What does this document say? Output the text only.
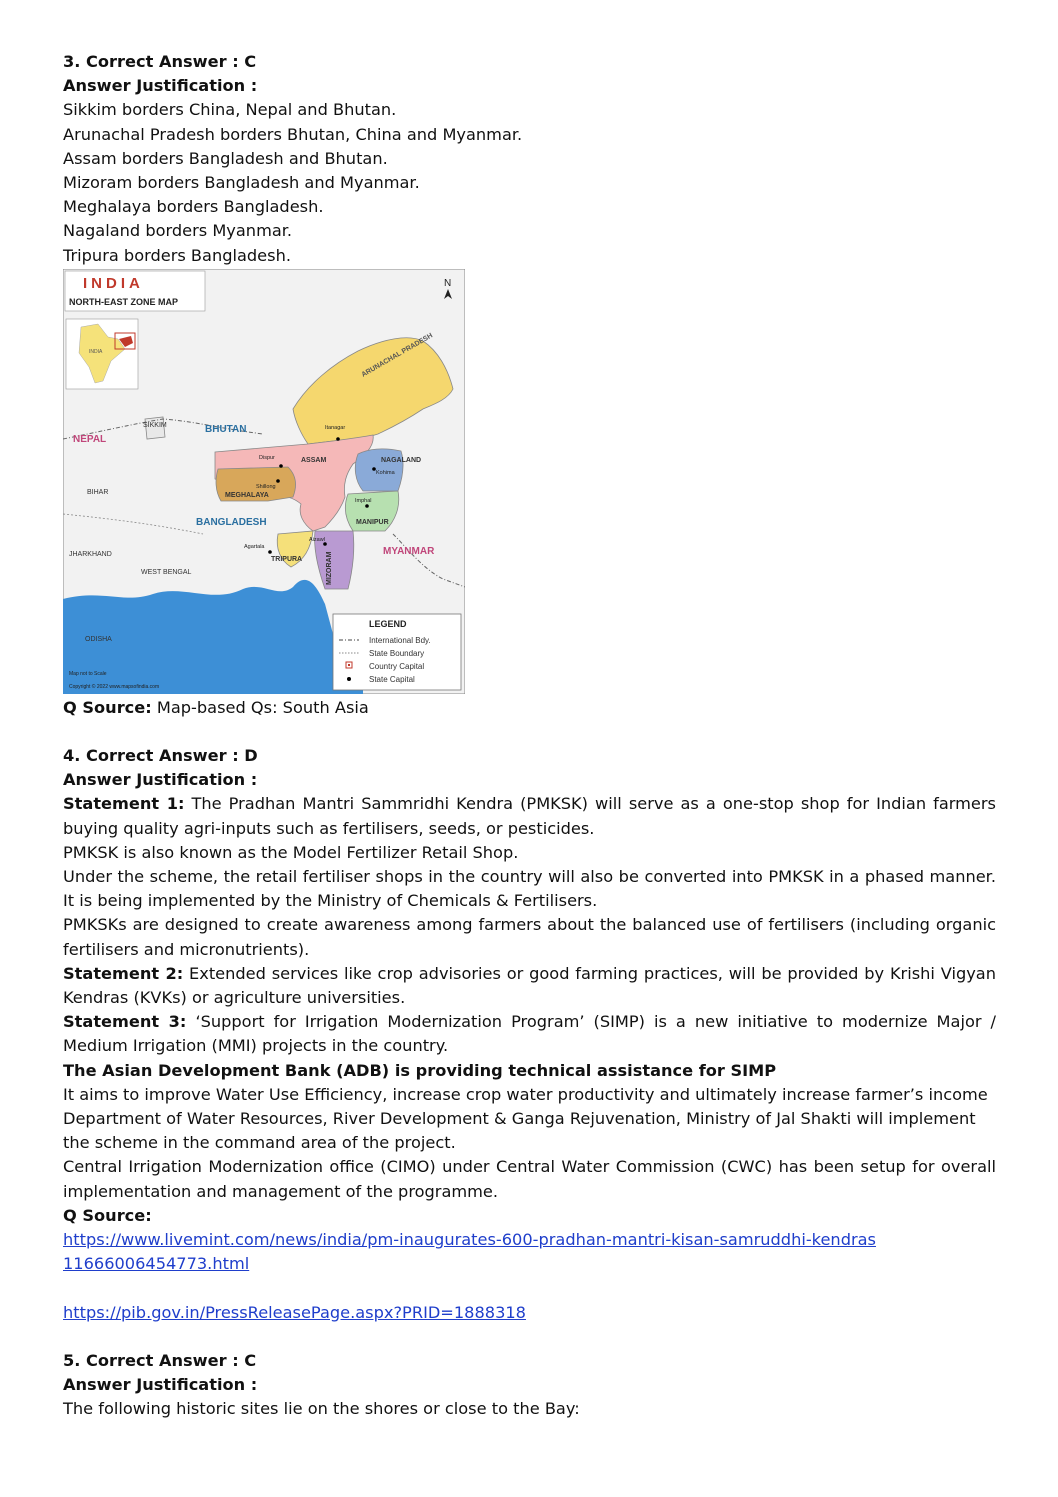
3. Correct Answer : C
Answer Justification :
Sikkim borders China, Nepal and Bhutan.
Arunachal Pradesh borders Bhutan, China and Myanmar.
Assam borders Bangladesh and Bhutan.
Mizoram borders Bangladesh and Myanmar.
Meghalaya borders Bangladesh.
Nagaland borders Myanmar.
Tripura borders Bangladesh.
INDIA
NORTH-EAST ZONE MAP
N
INDIA
NEPAL
BHUTAN
BANGLADESH
MYANMAR
SIKKIM
ARUNACHAL PRADESH
ASSAM	NAGALAND
MEGHALAYA
MANIPUR
TRIPURA	MIZORAM
BIHAR
JHARKHAND
WEST BENGAL
ODISHA
Itanagar
Dispur
Kohima
Shillong
Imphal
Agartala
Aizawl
LEGEND
International Bdy.
State Boundary
Country Capital
State Capital
Map not to Scale
Copyright © 2022 www.mapsofindia.com
Q Source: Map-based Qs: South Asia
4. Correct Answer : D
Answer Justification :
Statement 1: The Pradhan Mantri Sammridhi Kendra (PMKSK) will serve as a one-stop shop for Indian farmers buying quality agri-inputs such as fertilisers, seeds, or pesticides.
PMKSK is also known as the Model Fertilizer Retail Shop.
Under the scheme, the retail fertiliser shops in the country will also be converted into PMKSK in a phased manner. It is being implemented by the Ministry of Chemicals & Fertilisers.
PMKSKs are designed to create awareness among farmers about the balanced use of fertilisers (including organic fertilisers and micronutrients).
Statement 2: Extended services like crop advisories or good farming practices, will be provided by Krishi Vigyan Kendras (KVKs) or agriculture universities.
Statement 3: ‘Support for Irrigation Modernization Program’ (SIMP) is a new initiative to modernize Major / Medium Irrigation (MMI) projects in the country.
The Asian Development Bank (ADB) is providing technical assistance for SIMP
It aims to improve Water Use Efficiency, increase crop water productivity and ultimately increase farmer’s income
Department of Water Resources, River Development & Ganga Rejuvenation, Ministry of Jal Shakti will implement the scheme in the command area of the project.
Central Irrigation Modernization office (CIMO) under Central Water Commission (CWC) has been setup for overall implementation and management of the programme.
Q Source:
https://www.livemint.com/news/india/pm-inaugurates-600-pradhan-mantri-kisan-samruddhi-kendras
11666006454773.html
https://pib.gov.in/PressReleasePage.aspx?PRID=1888318
5. Correct Answer : C
Answer Justification :
The following historic sites lie on the shores or close to the Bay:
